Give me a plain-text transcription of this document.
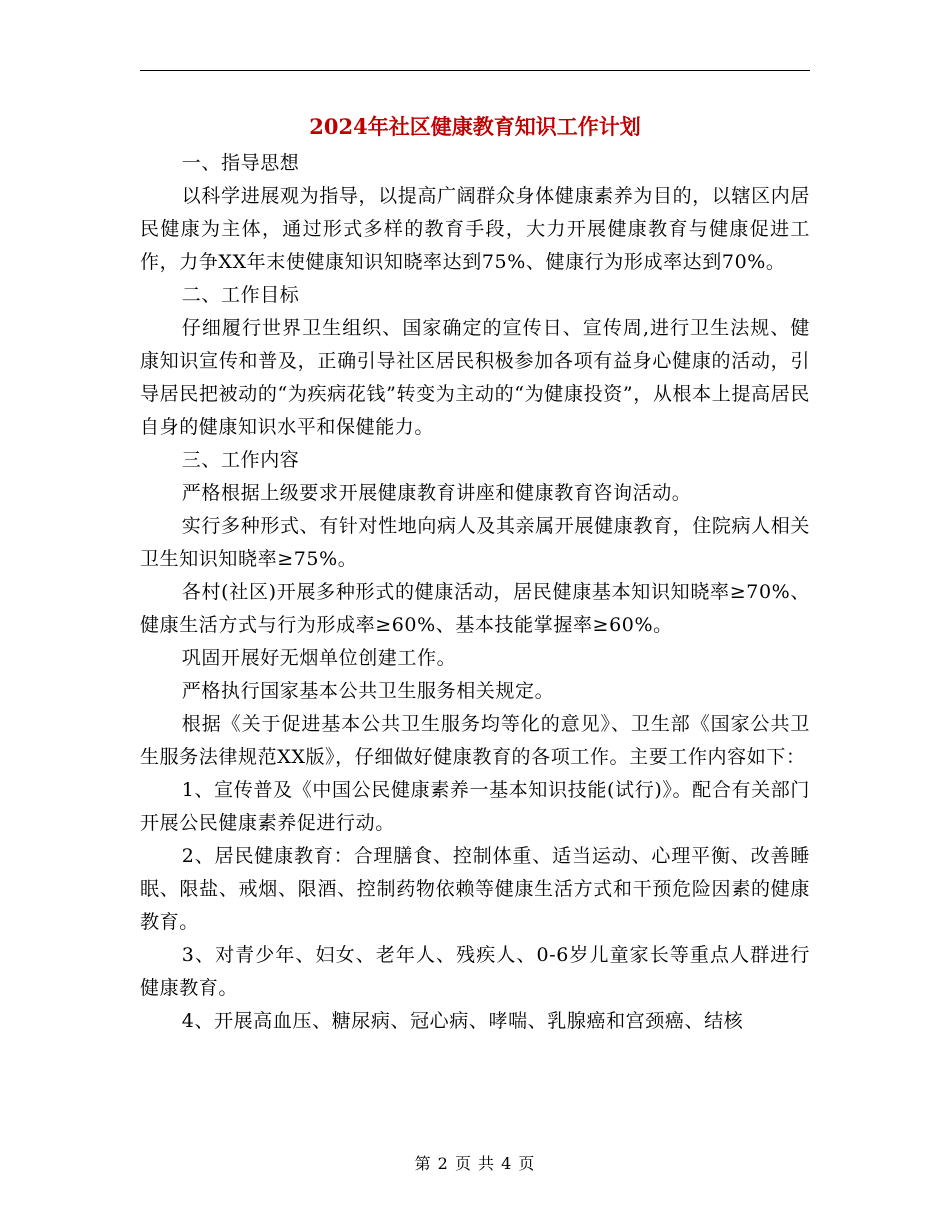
2024年社区健康教育知识工作计划

一、指导思想

以科学进展观为指导，以提高广阔群众身体健康素养为目的，以辖区内居民健康为主体，通过形式多样的教育手段，大力开展健康教育与健康促进工作，力争XX年末使健康知识知晓率达到75%、健康行为形成率达到70%。

二、工作目标

仔细履行世界卫生组织、国家确定的宣传日、宣传周,进行卫生法规、健康知识宣传和普及，正确引导社区居民积极参加各项有益身心健康的活动，引导居民把被动的“为疾病花钱”转变为主动的“为健康投资”，从根本上提高居民自身的健康知识水平和保健能力。

三、工作内容

严格根据上级要求开展健康教育讲座和健康教育咨询活动。

实行多种形式、有针对性地向病人及其亲属开展健康教育，住院病人相关卫生知识知晓率≥75%。

各村(社区)开展多种形式的健康活动，居民健康基本知识知晓率≥70%、健康生活方式与行为形成率≥60%、基本技能掌握率≥60%。

巩固开展好无烟单位创建工作。

严格执行国家基本公共卫生服务相关规定。

根据《关于促进基本公共卫生服务均等化的意见》、卫生部《国家公共卫生服务法律规范XX版》，仔细做好健康教育的各项工作。主要工作内容如下：

1、宣传普及《中国公民健康素养一基本知识技能(试行)》。配合有关部门开展公民健康素养促进行动。

2、居民健康教育：合理膳食、控制体重、适当运动、心理平衡、改善睡眠、限盐、戒烟、限酒、控制药物依赖等健康生活方式和干预危险因素的健康教育。

3、对青少年、妇女、老年人、残疾人、0-6岁儿童家长等重点人群进行健康教育。

4、开展高血压、糖尿病、冠心病、哮喘、乳腺癌和宫颈癌、结核

第 2 页 共 4 页
